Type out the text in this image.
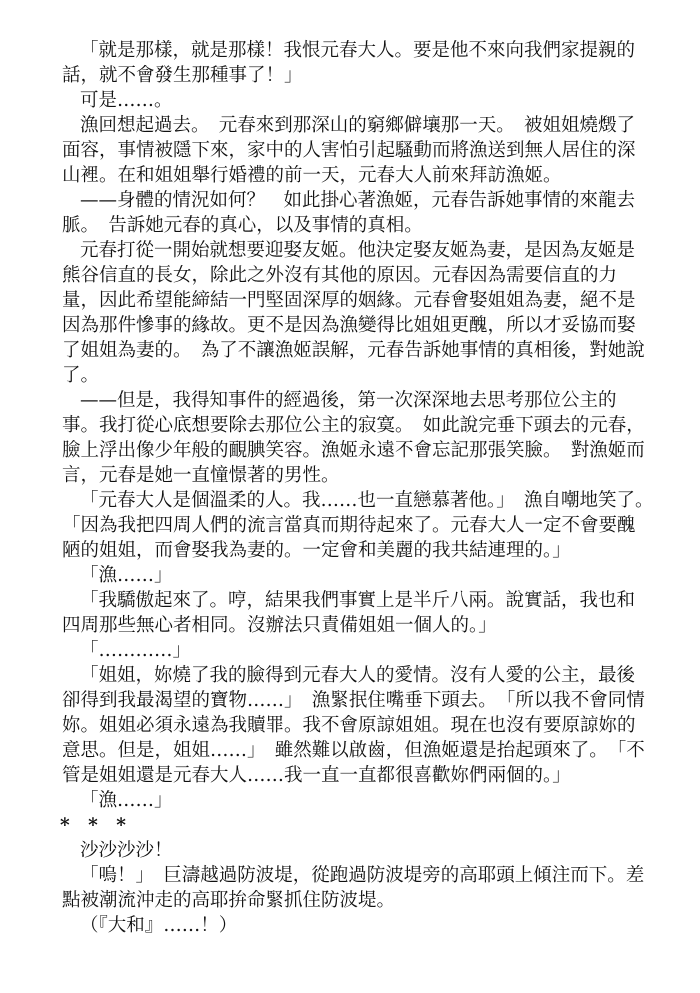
「就是那樣，就是那樣！我恨元春大人。要是他不來向我們家提親的話，就不會發生那種事了！」

可是……。

漁回想起過去。　元春來到那深山的窮鄉僻壤那一天。　被姐姐燒燬了面容，事情被隱下來，家中的人害怕引起騷動而將漁送到無人居住的深山裡。在和姐姐舉行婚禮的前一天，元春大人前來拜訪漁姬。

——身體的情況如何？　如此掛心著漁姬，元春告訴她事情的來龍去脈。　告訴她元春的真心，以及事情的真相。

元春打從一開始就想要迎娶友姬。他決定娶友姬為妻，是因為友姬是熊谷信直的長女，除此之外沒有其他的原因。元春因為需要信直的力量，因此希望能締結一門堅固深厚的姻緣。元春會娶姐姐為妻，絕不是因為那件慘事的緣故。更不是因為漁變得比姐姐更醜，所以才妥協而娶了姐姐為妻的。　為了不讓漁姬誤解，元春告訴她事情的真相後，對她說了。

——但是，我得知事件的經過後，第一次深深地去思考那位公主的事。我打從心底想要除去那位公主的寂寞。　如此說完垂下頭去的元春，臉上浮出像少年般的靦腆笑容。漁姬永遠不會忘記那張笑臉。　對漁姬而言，元春是她一直憧憬著的男性。

「元春大人是個溫柔的人。我……也一直戀慕著他。」　漁自嘲地笑了。　「因為我把四周人們的流言當真而期待起來了。元春大人一定不會要醜陋的姐姐，而會娶我為妻的。一定會和美麗的我共結連理的。」

「漁……」

「我驕傲起來了。哼，結果我們事實上是半斤八兩。說實話，我也和四周那些無心者相同。沒辦法只責備姐姐一個人的。」

「…………」

「姐姐，妳燒了我的臉得到元春大人的愛情。沒有人愛的公主，最後卻得到我最渴望的寶物……」　漁緊抿住嘴垂下頭去。　「所以我不會同情妳。姐姐必須永遠為我贖罪。我不會原諒姐姐。現在也沒有要原諒妳的意思。但是，姐姐……」　雖然難以啟齒，但漁姬還是抬起頭來了。　「不管是姐姐還是元春大人……我一直一直都很喜歡妳們兩個的。」

「漁……」

* * *

沙沙沙沙！

「嗚！」　巨濤越過防波堤，從跑過防波堤旁的高耶頭上傾注而下。差點被潮流沖走的高耶拚命緊抓住防波堤。

（『大和』……！）
